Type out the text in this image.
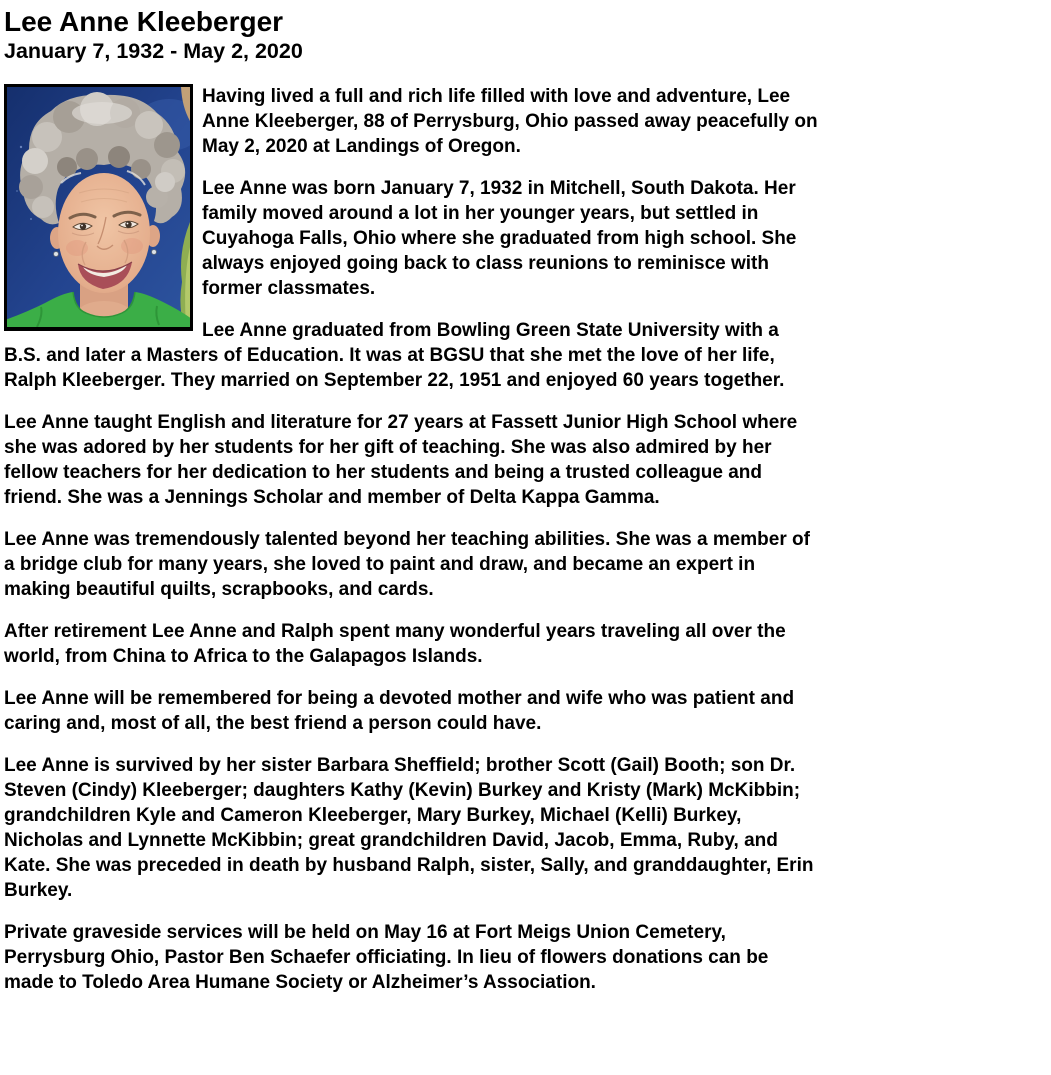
Lee Anne Kleeberger
January 7, 1932 - May 2, 2020

Having lived a full and rich life filled with love and adventure, Lee Anne Kleeberger, 88 of Perrysburg, Ohio passed away peacefully on May 2, 2020 at Landings of Oregon.

Lee Anne was born January 7, 1932 in Mitchell, South Dakota. Her family moved around a lot in her younger years, but settled in Cuyahoga Falls, Ohio where she graduated from high school. She always enjoyed going back to class reunions to reminisce with former classmates.

Lee Anne graduated from Bowling Green State University with a B.S. and later a Masters of Education. It was at BGSU that she met the love of her life, Ralph Kleeberger. They married on September 22, 1951 and enjoyed 60 years together.

Lee Anne taught English and literature for 27 years at Fassett Junior High School where she was adored by her students for her gift of teaching. She was also admired by her fellow teachers for her dedication to her students and being a trusted colleague and friend. She was a Jennings Scholar and member of Delta Kappa Gamma.

Lee Anne was tremendously talented beyond her teaching abilities. She was a member of a bridge club for many years, she loved to paint and draw, and became an expert in making beautiful quilts, scrapbooks, and cards.

After retirement Lee Anne and Ralph spent many wonderful years traveling all over the world, from China to Africa to the Galapagos Islands.

Lee Anne will be remembered for being a devoted mother and wife who was patient and caring and, most of all, the best friend a person could have.

Lee Anne is survived by her sister Barbara Sheffield; brother Scott (Gail) Booth; son Dr. Steven (Cindy) Kleeberger; daughters Kathy (Kevin) Burkey and Kristy (Mark) McKibbin; grandchildren Kyle and Cameron Kleeberger, Mary Burkey, Michael (Kelli) Burkey, Nicholas and Lynnette McKibbin; great grandchildren David, Jacob, Emma, Ruby, and Kate. She was preceded in death by husband Ralph, sister, Sally, and granddaughter, Erin Burkey.

Private graveside services will be held on May 16 at Fort Meigs Union Cemetery, Perrysburg Ohio, Pastor Ben Schaefer officiating. In lieu of flowers donations can be made to Toledo Area Humane Society or Alzheimer’s Association.
